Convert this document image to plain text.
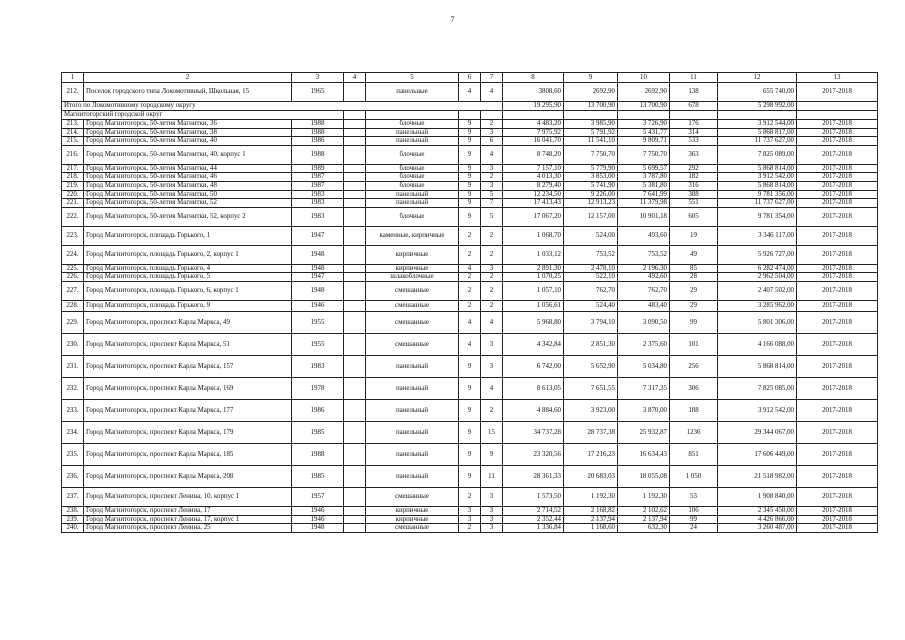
7
1	2	3	4	5	6	7	8	9	10	11	12	13
212.	Поселок городского типа Локомотивный, Школьная, 15	1965		панельные	4	4	3808,60	2692,90	2692,90	138	655 740,00	2017-2018
Итого по Локомотивному городскому округу							19 295,90	13 700,90	13 700,90	678	5 298 992,00	
Магнитогорский городской округ												
213.	Город Магнитогорск, 50-летия Магнитки, 36	1988		блочные	9	2	4 483,20	3 985,90	3 726,90	176	3 912 544,00	2017-2018
214.	Город Магнитогорск, 50-летия Магнитки, 38	1988		панельный	9	3	7 975,92	5 791,92	5 431,77	314	5 868 817,00	2017-2018
215.	Город Магнитогорск, 50-летия Магнитки, 40	1986		панельный	9	6	16 041,70	11 541,10	9 809,71	533	11 737 627,00	2017-2018
216.	Город Магнитогорск, 50-летия Магнитки, 40, корпус 1	1988		блочные	9	4	8 748,20	7 750,70	7 750,70	363	7 825 089,00	2017-2018
217.	Город Магнитогорск, 50-летия Магнитки, 44	1989		блочные	9	3	7 157,10	5 779,90	5 699,57	292	5 868 814,00	2017-2018
218.	Город Магнитогорск, 50-летия Магнитки, 46	1987		блочные	9	2	4 013,30	3 853,00	3 787,80	182	3 912 542,00	2017-2018
219.	Город Магнитогорск, 50-летия Магнитки, 48	1987		блочные	9	3	8 279,40	5 741,90	5 381,80	316	5 868 814,00	2017-2018
220.	Город Магнитогорск, 50-летия Магнитки, 50	1983		панельный	9	5	12 234,50	9 226,00	7 641,99	388	9 781 356,00	2017-2018
221.	Город Магнитогорск, 50-летия Магнитки, 52	1983		панельный	9	7	17 413,43	12 913,23	11 379,98	551	11 737 627,00	2017-2018
222.	Город Магнитогорск, 50-летия Магнитки, 52, корпус 2	1983		блочные	9	5	17 067,20	12 157,00	10 901,18	605	9 781 354,00	2017-2018
223.	Город Магнитогорск, площадь Горького, 1	1947		каменные, кирпичные	2	2	1 068,70	524,00	493,60	19	3 346 117,00	2017-2018
224.	Город Магнитогорск, площадь Горького, 2, корпус 1	1948		кирпичные	2	2	1 033,12	753,52	753,52	49	5 926 727,00	2017-2018
225.	Город Магнитогорск, площадь Горького, 4	1948		кирпичные	4	3	2 891,30	2 478,10	2 196,30	85	6 282 474,00	2017-2018
226.	Город Магнитогорск, площадь Горького, 5	1947		шлакоблочные	2	2	1 070,25	522,10	492,60	28	2 962 504,00	2017-2018
227.	Город Магнитогорск, площадь Горького, 6, корпус 1	1948		смешанные	2	2	1 057,10	762,70	762,70	29	2 407 502,00	2017-2018
228.	Город Магнитогорск, площадь Горького, 9	1946		смешанные	2	2	1 056,61	524,40	483,40	29	3 285 962,00	2017-2018
229.	Город Магнитогорск, проспект Карла Маркса, 49	1955		смешанные	4	4	5 968,80	3 794,10	3 090,50	99	5 801 306,00	2017-2018
230.	Город Магнитогорск, проспект Карла Маркса, 51	1955		смешанные	4	3	4 342,84	2 851,30	2 375,60	101	4 166 088,00	2017-2018
231.	Город Магнитогорск, проспект Карла Маркса, 157	1983		панельный	9	3	6 742,00	5 652,90	5 034,80	256	5 868 814,00	2017-2018
232.	Город Магнитогорск, проспект Карла Маркса, 169	1978		панельный	9	4	8 613,05	7 651,55	7 317,35	306	7 825 085,00	2017-2018
233.	Город Магнитогорск, проспект Карла Маркса, 177	1986		панельный	9	2	4 884,60	3 923,00	3 870,00	188	3 912 542,00	2017-2018
234.	Город Магнитогорск, проспект Карла Маркса, 179	1985		панельный	9	15	34 737,28	28 737,38	25 932,87	1236	29 344 067,00	2017-2018
235.	Город Магнитогорск, проспект Карла Маркса, 185	1988		панельный	9	9	23 320,56	17 216,23	16 634,43	851	17 606 449,00	2017-2018
236.	Город Магнитогорск, проспект Карла Маркса, 208	1985		панельный	9	11	28 361,33	20 683,03	18 055,08	1 050	21 518 982,00	2017-2018
237.	Город Магнитогорск, проспект Ленина, 10, корпус 1	1957		смешанные	2	3	1 573,50	1 192,30	1 192,30	53	1 908 840,00	2017-2018
238.	Город Магнитогорск, проспект Ленина, 17	1946		кирпичные	3	3	2 714,52	2 168,82	2 102,62	106	2 345 450,00	2017-2018
239.	Город Магнитогорск, проспект Ленина, 17, корпус 1	1946		кирпичные	3	3	2 352,44	2 137,94	2 137,94	99	4 426 866,00	2017-2018
240.	Город Магнитогорск, проспект Ленина, 25	1948		смешанные	2	3	1 336,84	1 168,60	632,30	24	3 260 487,00	2017-2018
